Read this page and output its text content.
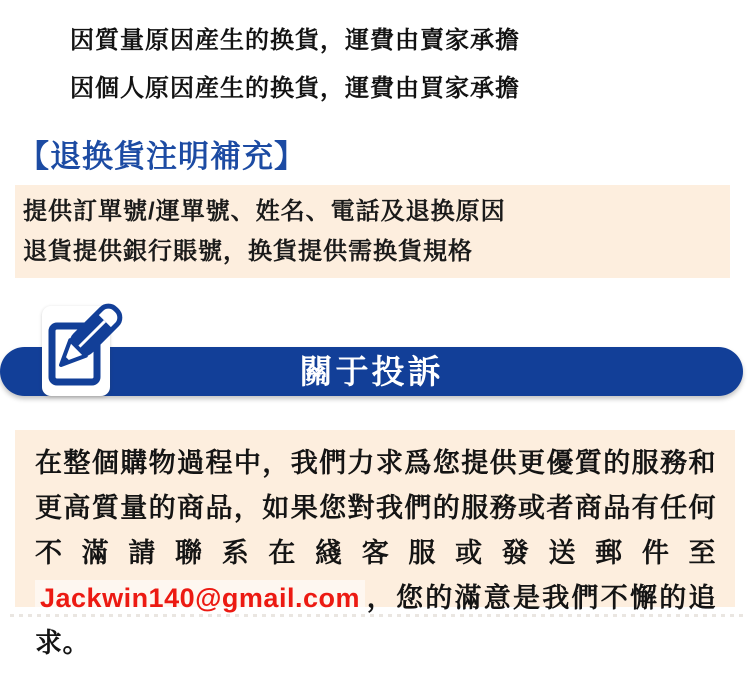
因質量原因産生的换貨，運費由賣家承擔

因個人原因産生的换貨，運費由買家承擔

【退换貨注明補充】

提供訂單號/運單號、姓名、電話及退换原因

退貨提供銀行賬號，换貨提供需换貨規格

關于投訴

在整個購物過程中，我們力求爲您提供更優質的服務和更高質量的商品，如果您對我們的服務或者商品有任何不滿請聯系在綫客服或發送郵件至Jackwin140@gmail.com ，您的滿意是我們不懈的追求。
